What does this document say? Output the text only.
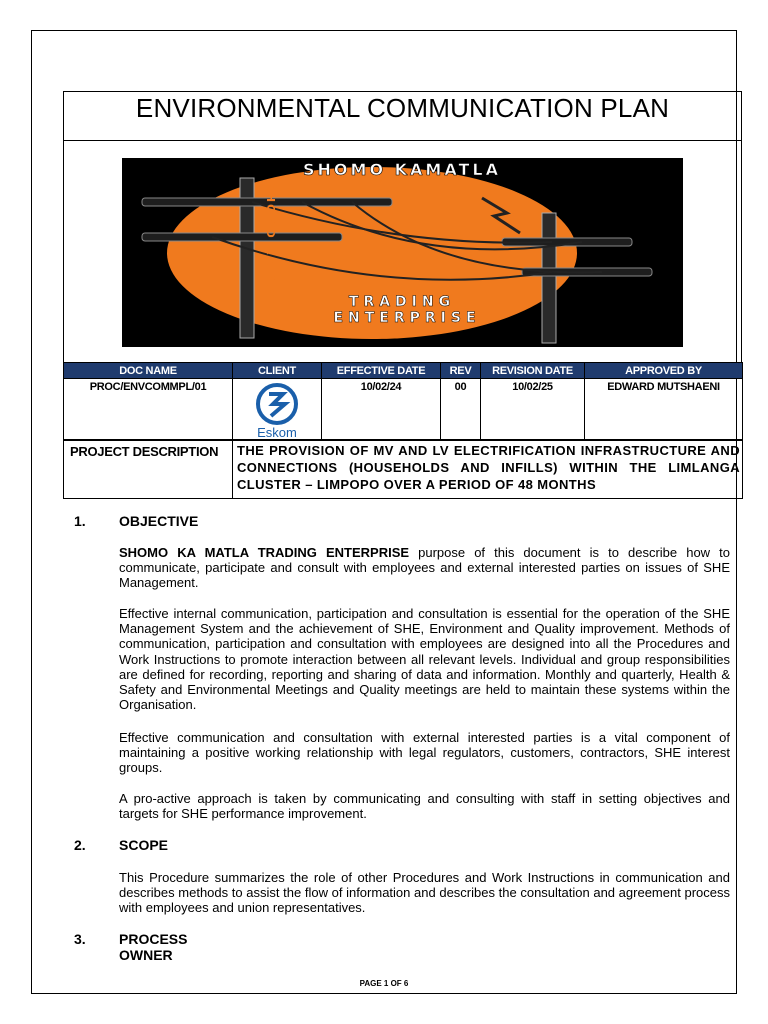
ENVIRONMENTAL COMMUNICATION PLAN
SHOMO KAMATLA
TRADING
ENTERPRISE
SHOMO KA MATLA
DOC NAME	CLIENT	EFFECTIVE DATE	REV	REVISION DATE	APPROVED BY
PROC/ENVCOMMPL/01	Eskom	10/02/24	00	10/02/25	EDWARD MUTSHAENI
PROJECT DESCRIPTION	THE PROVISION OF MV AND LV ELECTRIFICATION INFRASTRUCTURE AND CONNECTIONS (HOUSEHOLDS AND INFILLS) WITHIN THE LIMLANGA CLUSTER – LIMPOPO OVER A PERIOD OF 48 MONTHS
1. OBJECTIVE

SHOMO KA MATLA TRADING ENTERPRISE purpose of this document is to describe how to communicate, participate and consult with employees and external interested parties on issues of SHE Management.

Effective internal communication, participation and consultation is essential for the operation of the SHE Management System and the achievement of SHE, Environment and Quality improvement. Methods of communication, participation and consultation with employees are designed into all the Procedures and Work Instructions to promote interaction between all relevant levels. Individual and group responsibilities are defined for recording, reporting and sharing of data and information. Monthly and quarterly, Health & Safety and Environmental Meetings and Quality meetings are held to maintain these systems within the Organisation.

Effective communication and consultation with external interested parties is a vital component of maintaining a positive working relationship with legal regulators, customers, contractors, SHE interest groups.

A pro-active approach is taken by communicating and consulting with staff in setting objectives and targets for SHE performance improvement.

2. SCOPE

This Procedure summarizes the role of other Procedures and Work Instructions in communication and describes methods to assist the flow of information and describes the consultation and agreement process with employees and union representatives.

3. PROCESS OWNER
PAGE 1 OF 6
